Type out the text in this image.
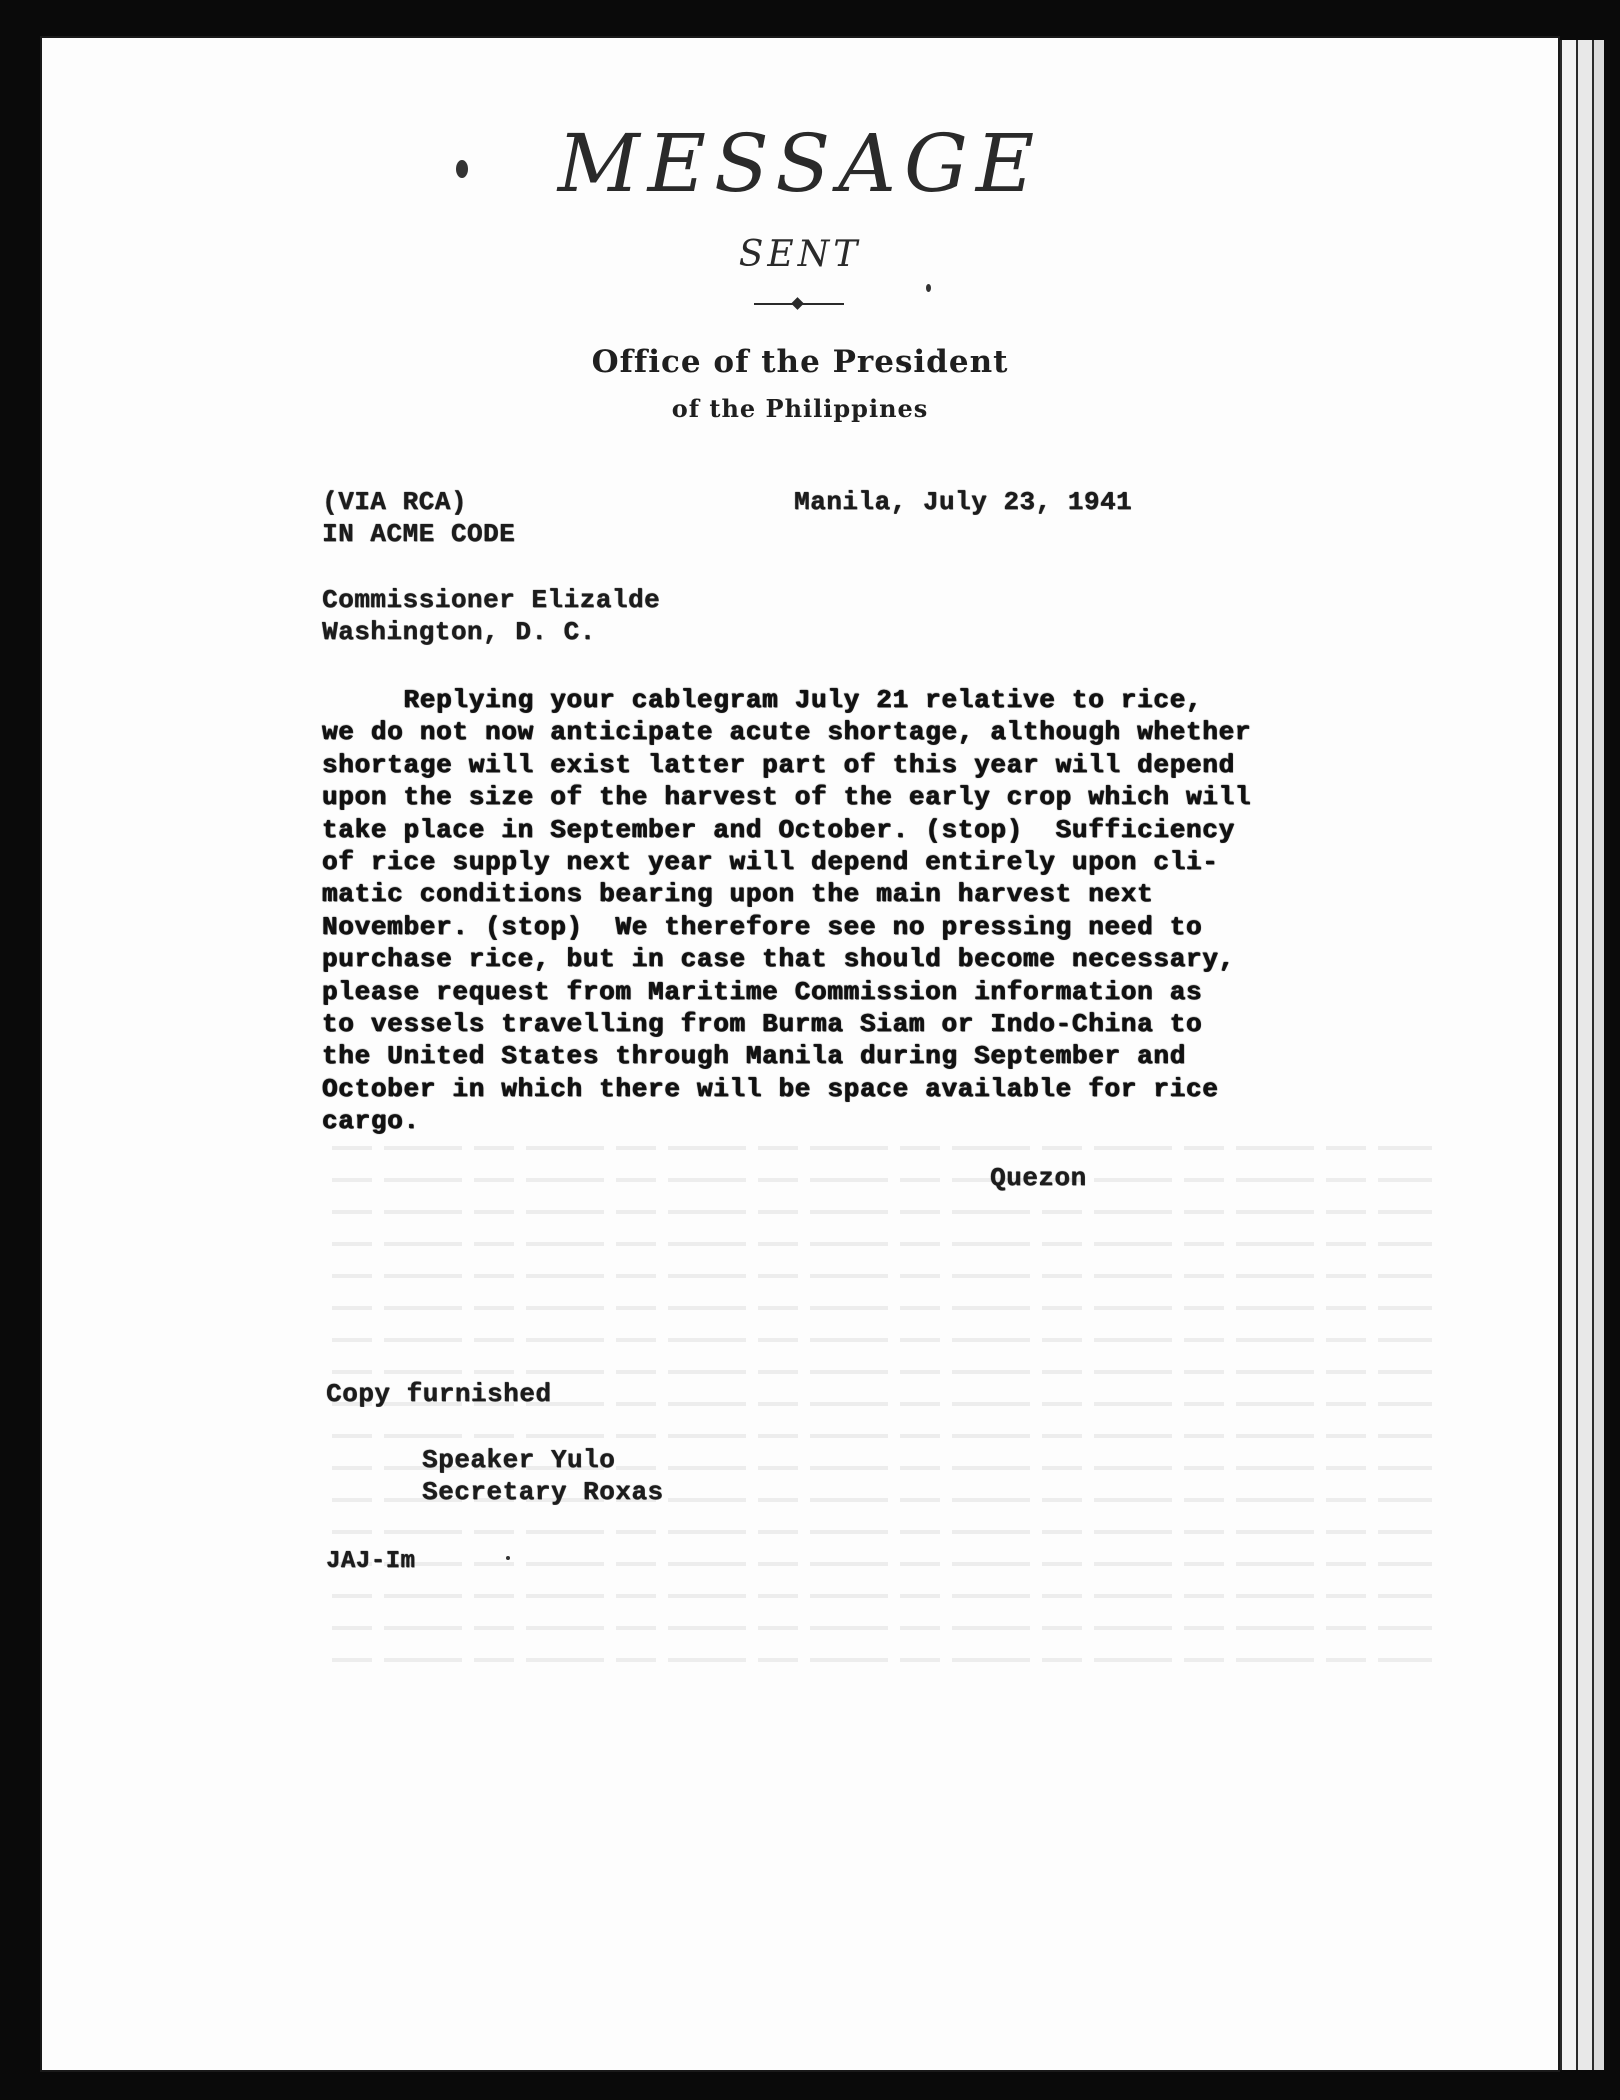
MESSAGE
SENT
Office of the President
of the Philippines
(VIA RCA)
IN ACME CODE
Manila, July 23, 1941
Commissioner Elizalde
Washington, D. C.
Replying your cablegram July 21 relative to rice,
we do not now anticipate acute shortage, although whether
shortage will exist latter part of this year will depend
upon the size of the harvest of the early crop which will
take place in September and October. (stop)  Sufficiency
of rice supply next year will depend entirely upon cli-
matic conditions bearing upon the main harvest next
November. (stop)  We therefore see no pressing need to
purchase rice, but in case that should become necessary,
please request from Maritime Commission information as
to vessels travelling from Burma Siam or Indo-China to
the United States through Manila during September and
October in which there will be space available for rice
cargo.
Quezon
Copy furnished
Speaker Yulo
Secretary Roxas
JAJ-Im
